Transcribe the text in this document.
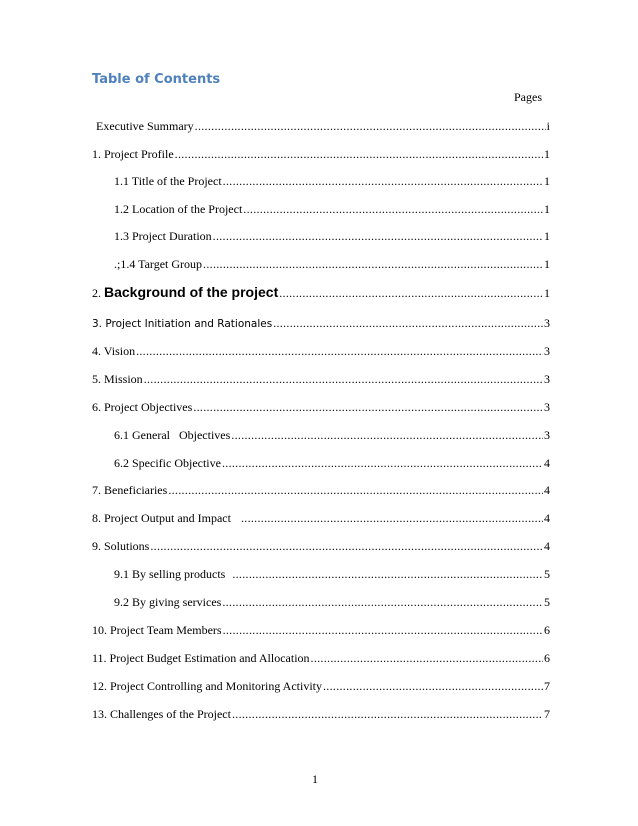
Table of Contents
Pages
Executive Summary .....	i
1. Project Profile .....	1
1.1 Title of the Project .....	1
1.2 Location of the Project .....	1
1.3 Project Duration .....	1
.;1.4 Target Group .....	1
2. Background of the project .....	1
3. Project Initiation and Rationales .....	3
4. Vision .....	3
5. Mission .....	3
6. Project Objectives .....	3
6.1 General   Objectives .....	3
6.2 Specific Objective .....	4
7. Beneficiaries .....	4
8. Project Output and Impact .....	4
9. Solutions .....	4
9.1 By selling products .....	5
9.2 By giving services .....	5
10. Project Team Members .....	6
11. Project Budget Estimation and Allocation .....	6
12. Project Controlling and Monitoring Activity .....	7
13. Challenges of the Project .....	7
1
